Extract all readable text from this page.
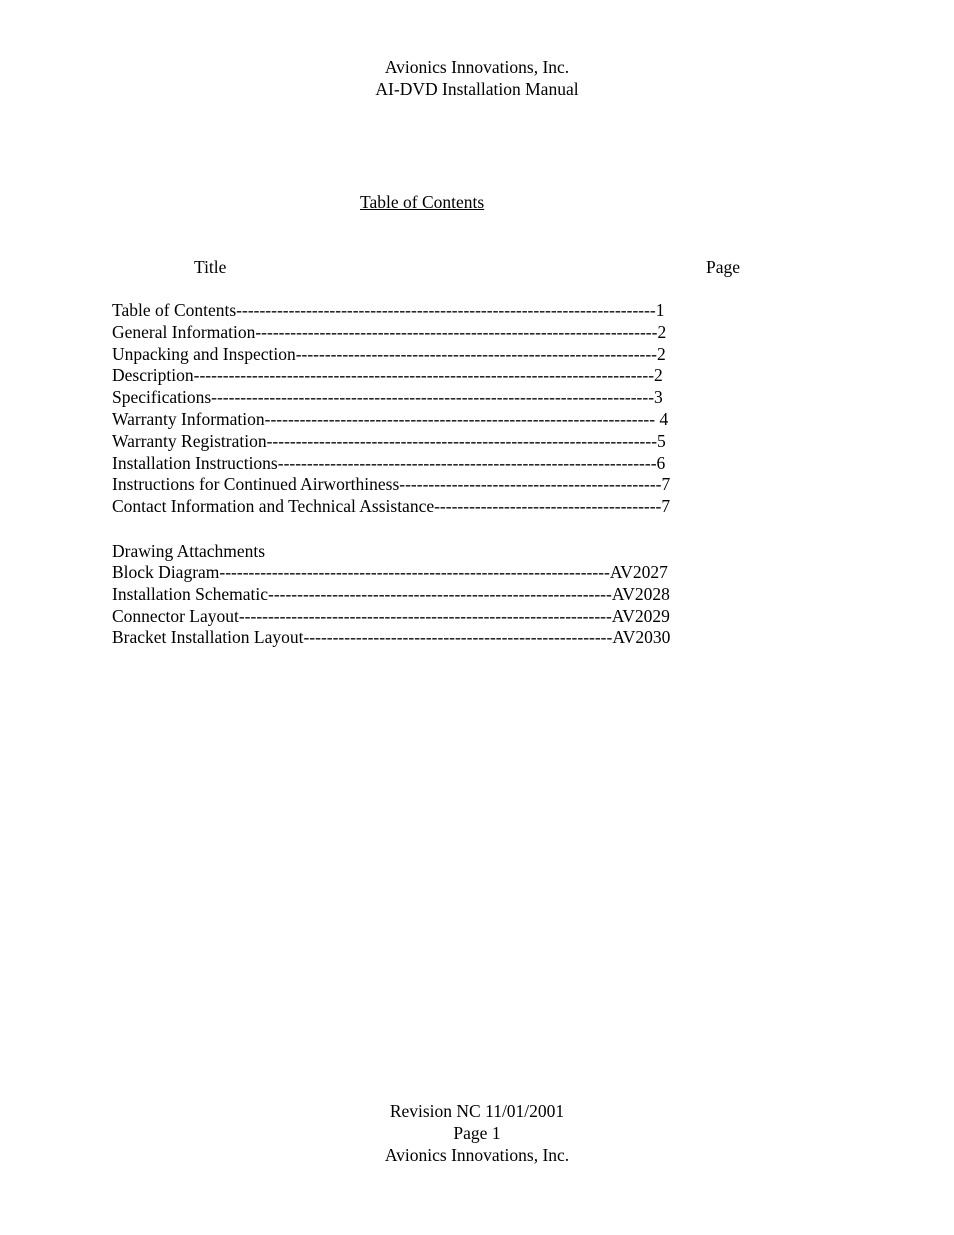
Avionics Innovations, Inc.
AI-DVD Installation Manual
Table of Contents
Title	Page
Table of Contents------------------------------------------------------------------------1
General Information---------------------------------------------------------------------2
Unpacking and Inspection--------------------------------------------------------------2
Description-------------------------------------------------------------------------------2
Specifications----------------------------------------------------------------------------3
Warranty Information------------------------------------------------------------------- 4
Warranty Registration-------------------------------------------------------------------5
Installation Instructions-----------------------------------------------------------------6
Instructions for Continued Airworthiness---------------------------------------------7
Contact Information and Technical Assistance---------------------------------------7
Drawing Attachments
Block Diagram-------------------------------------------------------------------AV2027
Installation Schematic-----------------------------------------------------------AV2028
Connector Layout----------------------------------------------------------------AV2029
Bracket Installation Layout-----------------------------------------------------AV2030
Revision NC 11/01/2001
Page 1
Avionics Innovations, Inc.
